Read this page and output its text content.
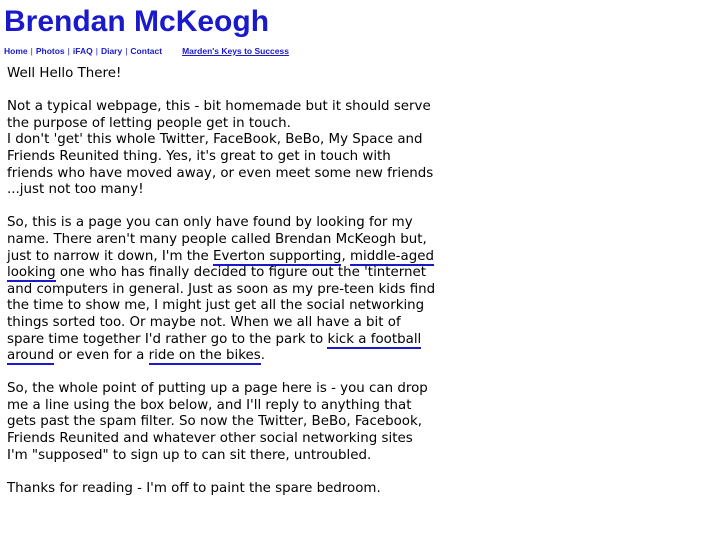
Brendan McKeogh
Home | Photos | iFAQ | Diary | Contact Marden's Keys to Success

Well Hello There!

Not a typical webpage, this - bit homemade but it should serve the purpose of letting people get in touch.
I don't 'get' this whole Twitter, FaceBook, BeBo, My Space and Friends Reunited thing. Yes, it's great to get in touch with friends who have moved away, or even meet some new friends ...just not too many!

So, this is a page you can only have found by looking for my name. There aren't many people called Brendan McKeogh but, just to narrow it down, I'm the Everton supporting, middle-aged looking one who has finally decided to figure out the 'tinternet and computers in general. Just as soon as my pre-teen kids find the time to show me, I might just get all the social networking things sorted too. Or maybe not. When we all have a bit of spare time together I'd rather go to the park to kick a football around or even for a ride on the bikes.

So, the whole point of putting up a page here is - you can drop me a line using the box below, and I'll reply to anything that gets past the spam filter. So now the Twitter, BeBo, Facebook, Friends Reunited and whatever other social networking sites I'm "supposed" to sign up to can sit there, untroubled.

Thanks for reading - I'm off to paint the spare bedroom.
